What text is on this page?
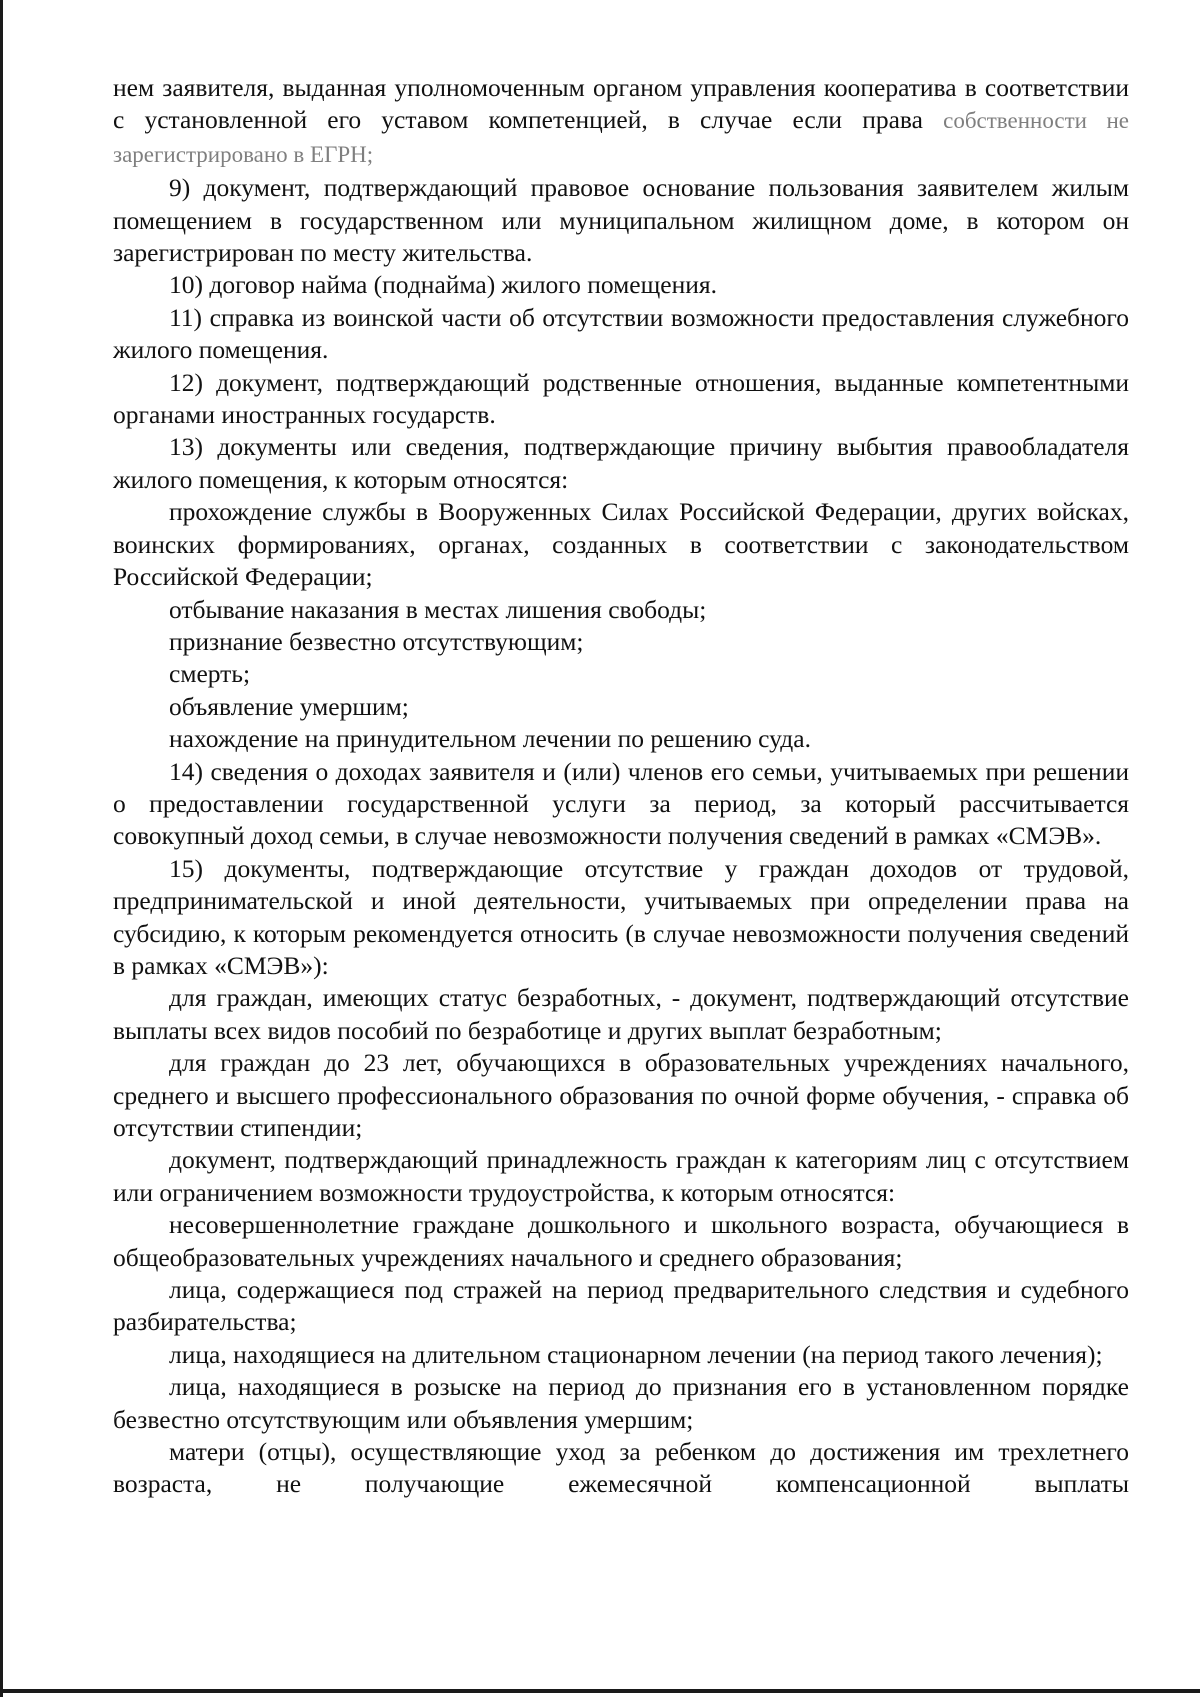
нем заявителя, выданная уполномоченным органом управления кооператива в соответствии с установленной его уставом компетенцией, в случае если права собственности не зарегистрировано в ЕГРН;

9) документ, подтверждающий правовое основание пользования заявителем жилым помещением в государственном или муниципальном жилищном доме, в котором он зарегистрирован по месту жительства.

10) договор найма (поднайма) жилого помещения.

11) справка из воинской части об отсутствии возможности предоставления служебного жилого помещения.

12) документ, подтверждающий родственные отношения, выданные компетентными органами иностранных государств.

13) документы или сведения, подтверждающие причину выбытия правообладателя жилого помещения, к которым относятся:

прохождение службы в Вооруженных Силах Российской Федерации, других войсках, воинских формированиях, органах, созданных в соответствии с законодательством Российской Федерации;

отбывание наказания в местах лишения свободы;

признание безвестно отсутствующим;

смерть;

объявление умершим;

нахождение на принудительном лечении по решению суда.

14) сведения о доходах заявителя и (или) членов его семьи, учитываемых при решении о предоставлении государственной услуги за период, за который рассчитывается совокупный доход семьи, в случае невозможности получения сведений в рамках «СМЭВ».

15) документы, подтверждающие отсутствие у граждан доходов от трудовой, предпринимательской и иной деятельности, учитываемых при определении права на субсидию, к которым рекомендуется относить (в случае невозможности получения сведений в рамках «СМЭВ»):

для граждан, имеющих статус безработных, - документ, подтверждающий отсутствие выплаты всех видов пособий по безработице и других выплат безработным;

для граждан до 23 лет, обучающихся в образовательных учреждениях начального, среднего и высшего профессионального образования по очной форме обучения, - справка об отсутствии стипендии;

документ, подтверждающий принадлежность граждан к категориям лиц с отсутствием или ограничением возможности трудоустройства, к которым относятся:

несовершеннолетние граждане дошкольного и школьного возраста, обучающиеся в общеобразовательных учреждениях начального и среднего образования;

лица, содержащиеся под стражей на период предварительного следствия и судебного разбирательства;

лица, находящиеся на длительном стационарном лечении (на период такого лечения);

лица, находящиеся в розыске на период до признания его в установленном порядке безвестно отсутствующим или объявления умершим;

матери (отцы), осуществляющие уход за ребенком до достижения им трехлетнего возраста, не получающие ежемесячной компенсационной выплаты
